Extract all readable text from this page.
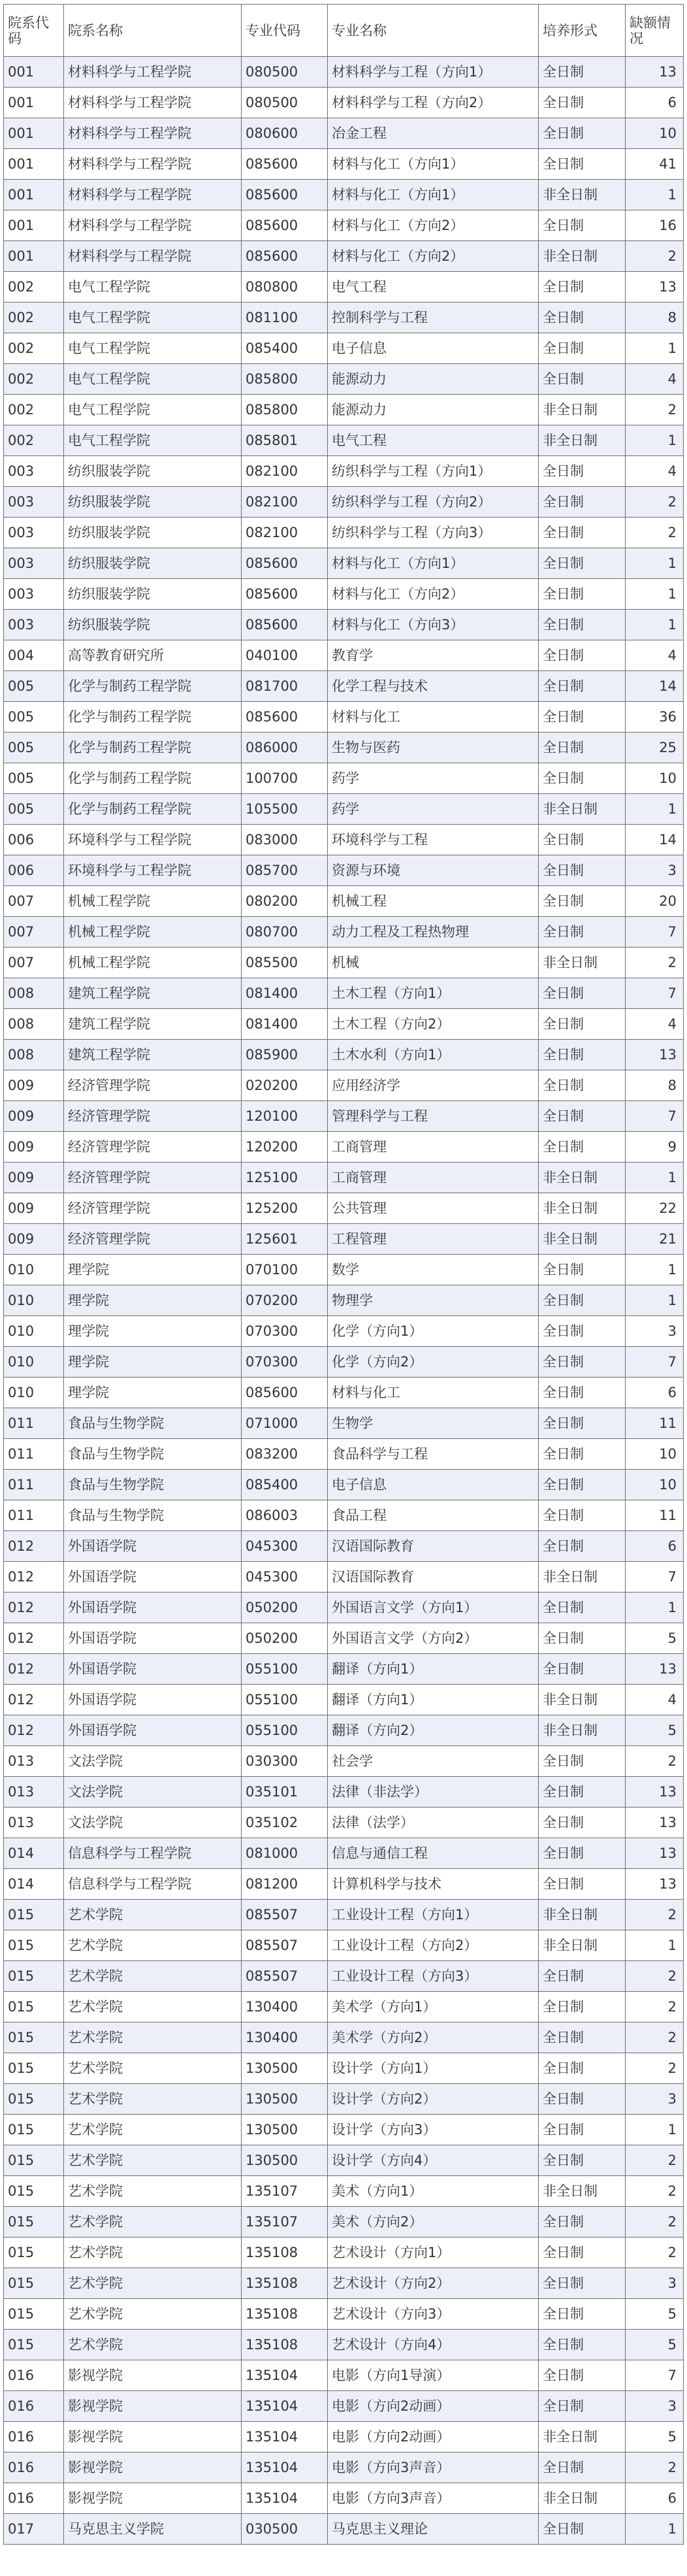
院系代码	院系名称	专业代码	专业名称	培养形式	缺额情况
001	材料科学与工程学院	080500	材料科学与工程（方向1）	全日制	13
001	材料科学与工程学院	080500	材料科学与工程（方向2）	全日制	6
001	材料科学与工程学院	080600	冶金工程	全日制	10
001	材料科学与工程学院	085600	材料与化工（方向1）	全日制	41
001	材料科学与工程学院	085600	材料与化工（方向1）	非全日制	1
001	材料科学与工程学院	085600	材料与化工（方向2）	全日制	16
001	材料科学与工程学院	085600	材料与化工（方向2）	非全日制	2
002	电气工程学院	080800	电气工程	全日制	13
002	电气工程学院	081100	控制科学与工程	全日制	8
002	电气工程学院	085400	电子信息	全日制	1
002	电气工程学院	085800	能源动力	全日制	4
002	电气工程学院	085800	能源动力	非全日制	2
002	电气工程学院	085801	电气工程	非全日制	1
003	纺织服装学院	082100	纺织科学与工程（方向1）	全日制	4
003	纺织服装学院	082100	纺织科学与工程（方向2）	全日制	2
003	纺织服装学院	082100	纺织科学与工程（方向3）	全日制	2
003	纺织服装学院	085600	材料与化工（方向1）	全日制	1
003	纺织服装学院	085600	材料与化工（方向2）	全日制	1
003	纺织服装学院	085600	材料与化工（方向3）	全日制	1
004	高等教育研究所	040100	教育学	全日制	4
005	化学与制药工程学院	081700	化学工程与技术	全日制	14
005	化学与制药工程学院	085600	材料与化工	全日制	36
005	化学与制药工程学院	086000	生物与医药	全日制	25
005	化学与制药工程学院	100700	药学	全日制	10
005	化学与制药工程学院	105500	药学	非全日制	1
006	环境科学与工程学院	083000	环境科学与工程	全日制	14
006	环境科学与工程学院	085700	资源与环境	全日制	3
007	机械工程学院	080200	机械工程	全日制	20
007	机械工程学院	080700	动力工程及工程热物理	全日制	7
007	机械工程学院	085500	机械	非全日制	2
008	建筑工程学院	081400	土木工程（方向1）	全日制	7
008	建筑工程学院	081400	土木工程（方向2）	全日制	4
008	建筑工程学院	085900	土木水利（方向1）	全日制	13
009	经济管理学院	020200	应用经济学	全日制	8
009	经济管理学院	120100	管理科学与工程	全日制	7
009	经济管理学院	120200	工商管理	全日制	9
009	经济管理学院	125100	工商管理	非全日制	1
009	经济管理学院	125200	公共管理	非全日制	22
009	经济管理学院	125601	工程管理	非全日制	21
010	理学院	070100	数学	全日制	1
010	理学院	070200	物理学	全日制	1
010	理学院	070300	化学（方向1）	全日制	3
010	理学院	070300	化学（方向2）	全日制	7
010	理学院	085600	材料与化工	全日制	6
011	食品与生物学院	071000	生物学	全日制	11
011	食品与生物学院	083200	食品科学与工程	全日制	10
011	食品与生物学院	085400	电子信息	全日制	10
011	食品与生物学院	086003	食品工程	全日制	11
012	外国语学院	045300	汉语国际教育	全日制	6
012	外国语学院	045300	汉语国际教育	非全日制	7
012	外国语学院	050200	外国语言文学（方向1）	全日制	1
012	外国语学院	050200	外国语言文学（方向2）	全日制	5
012	外国语学院	055100	翻译（方向1）	全日制	13
012	外国语学院	055100	翻译（方向1）	非全日制	4
012	外国语学院	055100	翻译（方向2）	非全日制	5
013	文法学院	030300	社会学	全日制	2
013	文法学院	035101	法律（非法学）	全日制	13
013	文法学院	035102	法律（法学）	全日制	13
014	信息科学与工程学院	081000	信息与通信工程	全日制	13
014	信息科学与工程学院	081200	计算机科学与技术	全日制	13
015	艺术学院	085507	工业设计工程（方向1）	非全日制	2
015	艺术学院	085507	工业设计工程（方向2）	非全日制	1
015	艺术学院	085507	工业设计工程（方向3）	全日制	2
015	艺术学院	130400	美术学（方向1）	全日制	2
015	艺术学院	130400	美术学（方向2）	全日制	2
015	艺术学院	130500	设计学（方向1）	全日制	2
015	艺术学院	130500	设计学（方向2）	全日制	3
015	艺术学院	130500	设计学（方向3）	全日制	1
015	艺术学院	130500	设计学（方向4）	全日制	2
015	艺术学院	135107	美术（方向1）	非全日制	2
015	艺术学院	135107	美术（方向2）	全日制	2
015	艺术学院	135108	艺术设计（方向1）	全日制	2
015	艺术学院	135108	艺术设计（方向2）	全日制	3
015	艺术学院	135108	艺术设计（方向3）	全日制	5
015	艺术学院	135108	艺术设计（方向4）	全日制	5
016	影视学院	135104	电影（方向1导演）	全日制	7
016	影视学院	135104	电影（方向2动画）	全日制	3
016	影视学院	135104	电影（方向2动画）	非全日制	5
016	影视学院	135104	电影（方向3声音）	全日制	2
016	影视学院	135104	电影（方向3声音）	非全日制	6
017	马克思主义学院	030500	马克思主义理论	全日制	1
